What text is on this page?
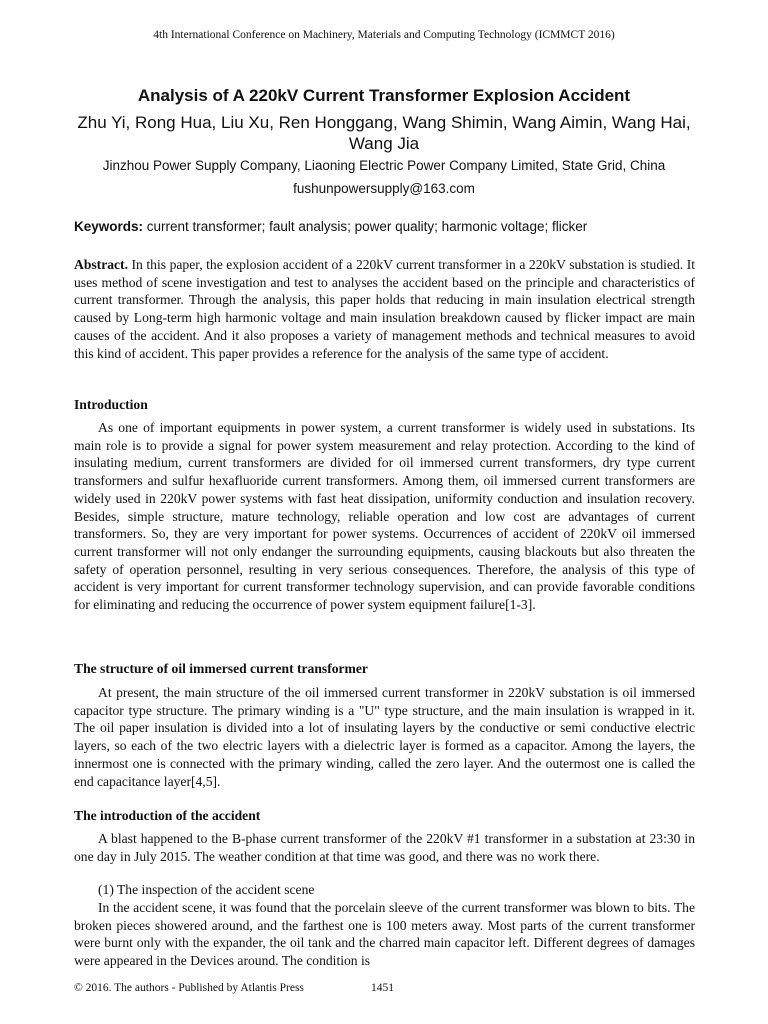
4th International Conference on Machinery, Materials and Computing Technology (ICMMCT 2016)
Analysis of A 220kV Current Transformer Explosion Accident
Zhu Yi, Rong Hua, Liu Xu, Ren Honggang, Wang Shimin, Wang Aimin, Wang Hai, Wang Jia
Jinzhou Power Supply Company, Liaoning Electric Power Company Limited, State Grid, China
fushunpowersupply@163.com
Keywords: current transformer; fault analysis; power quality; harmonic voltage; flicker

Abstract. In this paper, the explosion accident of a 220kV current transformer in a 220kV substation is studied. It uses method of scene investigation and test to analyses the accident based on the principle and characteristics of current transformer. Through the analysis, this paper holds that reducing in main insulation electrical strength caused by Long-term high harmonic voltage and main insulation breakdown caused by flicker impact are main causes of the accident. And it also proposes a variety of management methods and technical measures to avoid this kind of accident. This paper provides a reference for the analysis of the same type of accident.

Introduction

As one of important equipments in power system, a current transformer is widely used in substations. Its main role is to provide a signal for power system measurement and relay protection. According to the kind of insulating medium, current transformers are divided for oil immersed current transformers, dry type current transformers and sulfur hexafluoride current transformers. Among them, oil immersed current transformers are widely used in 220kV power systems with fast heat dissipation, uniformity conduction and insulation recovery. Besides, simple structure, mature technology, reliable operation and low cost are advantages of current transformers. So, they are very important for power systems. Occurrences of accident of 220kV oil immersed current transformer will not only endanger the surrounding equipments, causing blackouts but also threaten the safety of operation personnel, resulting in very serious consequences. Therefore, the analysis of this type of accident is very important for current transformer technology supervision, and can provide favorable conditions for eliminating and reducing the occurrence of power system equipment failure[1-3].

The structure of oil immersed current transformer

At present, the main structure of the oil immersed current transformer in 220kV substation is oil immersed capacitor type structure. The primary winding is a "U" type structure, and the main insulation is wrapped in it. The oil paper insulation is divided into a lot of insulating layers by the conductive or semi conductive electric layers, so each of the two electric layers with a dielectric layer is formed as a capacitor. Among the layers, the innermost one is connected with the primary winding, called the zero layer. And the outermost one is called the end capacitance layer[4,5].

The introduction of the accident

A blast happened to the B-phase current transformer of the 220kV #1 transformer in a substation at 23:30 in one day in July 2015. The weather condition at that time was good, and there was no work there.

(1) The inspection of the accident scene

In the accident scene, it was found that the porcelain sleeve of the current transformer was blown to bits. The broken pieces showered around, and the farthest one is 100 meters away. Most parts of the current transformer were burnt only with the expander, the oil tank and the charred main capacitor left. Different degrees of damages were appeared in the Devices around. The condition is

© 2016. The authors - Published by Atlantis Press	1451
